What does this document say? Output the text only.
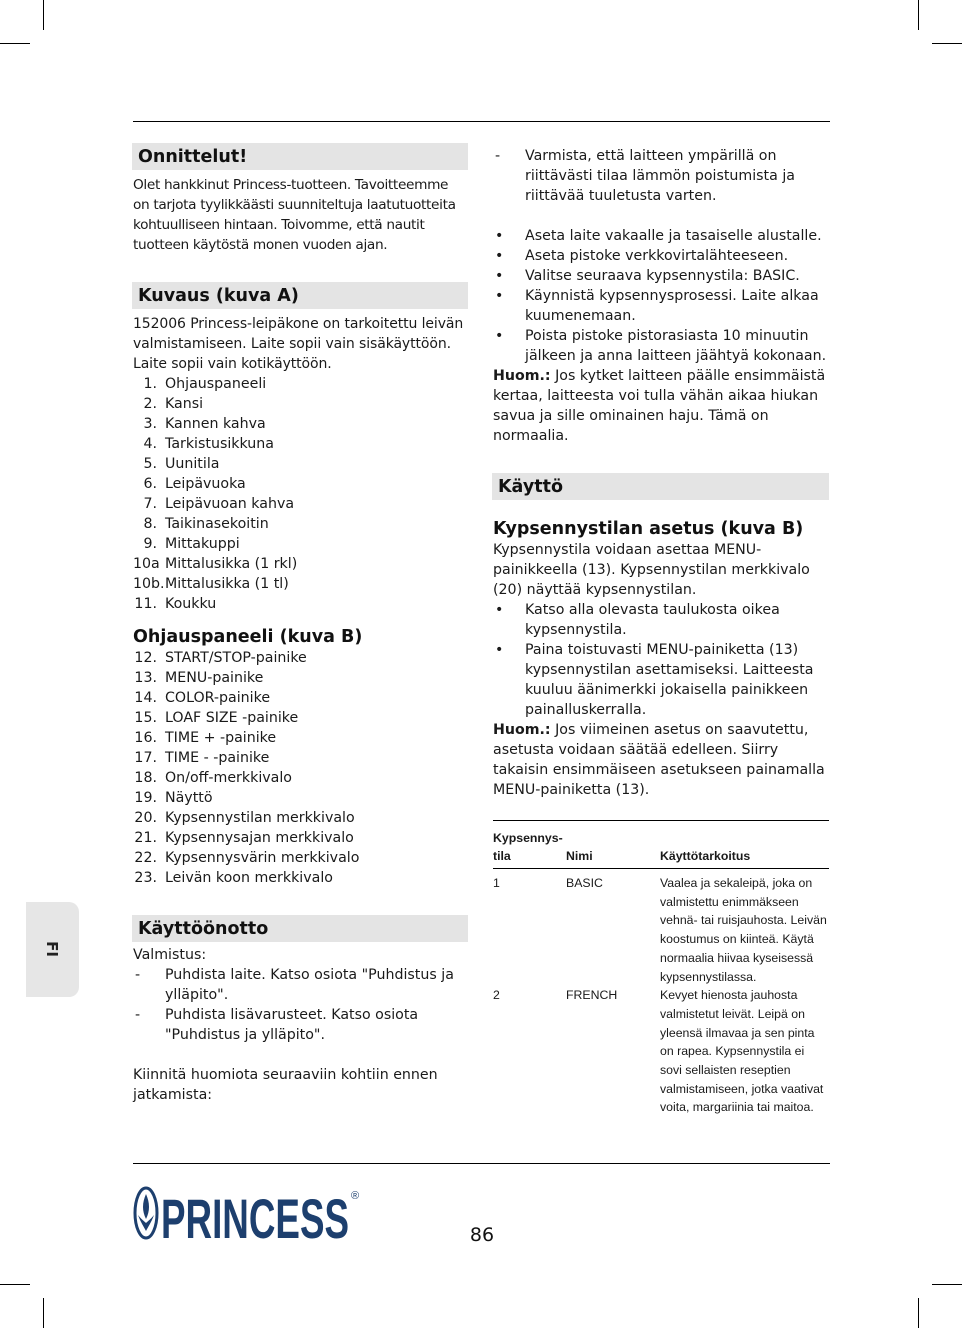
Onnittelut!

Olet hankkinut Princess-tuotteen. Tavoitteemme on tarjota tyylikkäästi suunniteltuja laatutuotteita kohtuulliseen hintaan. Toivomme, että nautit tuotteen käytöstä monen vuoden ajan.

Kuvaus (kuva A)

152006 Princess-leipäkone on tarkoitettu leivän valmistamiseen. Laite sopii vain sisäkäyttöön. Laite sopii vain kotikäyttöön.

1. Ohjauspaneeli
2. Kansi
3. Kannen kahva
4. Tarkistusikkuna
5. Uunitila
6. Leipävuoka
7. Leipävuoan kahva
8. Taikinasekoitin
9. Mittakuppi
10a Mittalusikka (1 rkl)
10b. Mittalusikka (1 tl)
11. Koukku
Ohjauspaneeli (kuva B)
12. START/STOP-painike
13. MENU-painike
14. COLOR-painike
15. LOAF SIZE -painike
16. TIME + -painike
17. TIME - -painike
18. On/off-merkkivalo
19. Näyttö
20. Kypsennystilan merkkivalo
21. Kypsennysajan merkkivalo
22. Kypsennysvärin merkkivalo
23. Leivän koon merkkivalo
Käyttöönotto

Valmistus:

- Puhdista laite. Katso osiota "Puhdistus ja ylläpito".
- Puhdista lisävarusteet. Katso osiota "Puhdistus ja ylläpito".

Kiinnitä huomiota seuraaviin kohtiin ennen jatkamista:

- Varmista, että laitteen ympärillä on riittävästi tilaa lämmön poistumista ja riittävää tuuletusta varten.
• Aseta laite vakaalle ja tasaiselle alustalle.
• Aseta pistoke verkkovirtalähteeseen.
• Valitse seuraava kypsennystila: BASIC.
• Käynnistä kypsennysprosessi. Laite alkaa kuumenemaan.
• Poista pistoke pistorasiasta 10 minuutin jälkeen ja anna laitteen jäähtyä kokonaan.

Huom.: Jos kytket laitteen päälle ensimmäistä kertaa, laitteesta voi tulla vähän aikaa hiukan savua ja sille ominainen haju. Tämä on normaalia.

Käyttö
Kypsennystilan asetus (kuva B)

Kypsennystila voidaan asettaa MENU-painikkeella (13). Kypsennystilan merkkivalo (20) näyttää kypsennystilan.

• Katso alla olevasta taulukosta oikea kypsennystila.
• Paina toistuvasti MENU-painiketta (13) kypsennystilan asettamiseksi. Laitteesta kuuluu äänimerkki jokaisella painikkeen painalluskerralla.

Huom.: Jos viimeinen asetus on saavutettu, asetusta voidaan säätää edelleen. Siirry takaisin ensimmäiseen asetukseen painamalla MENU-painiketta (13).

Kypsennys-
tila	Nimi	Käyttötarkoitus
1	BASIC	Vaalea ja sekaleipä, joka on valmistettu enimmäkseen vehnä- tai ruisjauhosta. Leivän koostumus on kiinteä. Käytä normaalia hiivaa kyseisessä kypsennystilassa.
2	FRENCH	Kevyet hienosta jauhosta valmistetut leivät. Leipä on yleensä ilmavaa ja sen pinta on rapea. Kypsennystila ei sovi sellaisten reseptien valmistamiseen, jotka vaativat voita, margariinia tai maitoa.
FI
PRINCESS ®
86
